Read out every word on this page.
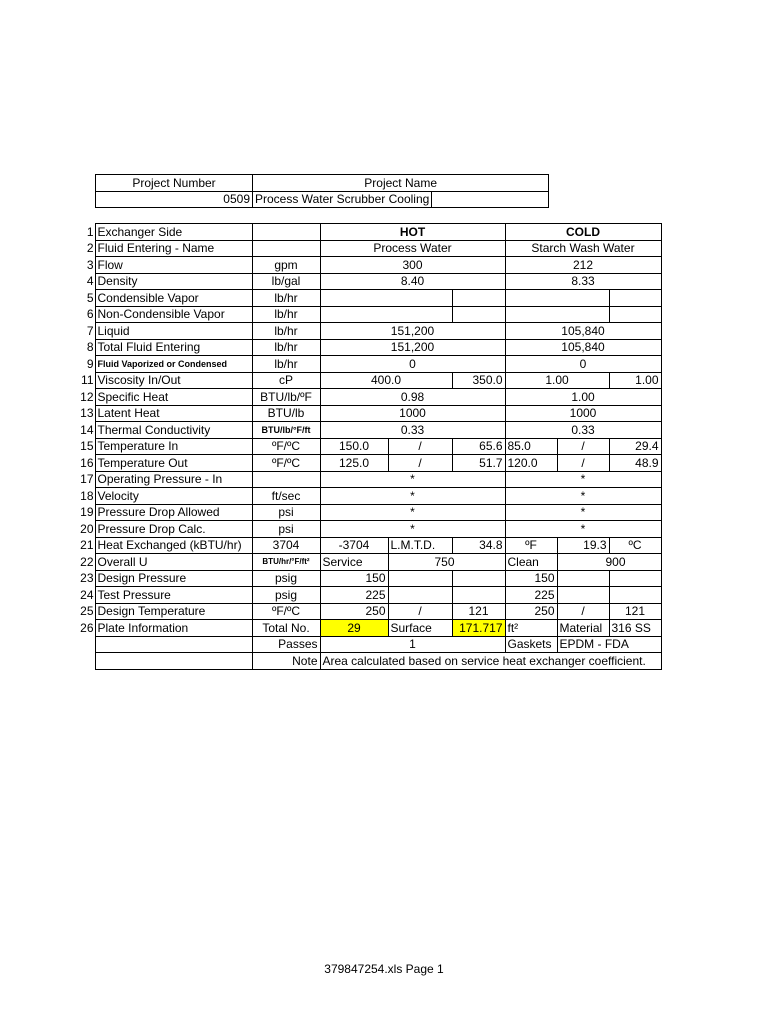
Project Number	Project Name	
0509	Process Water Scrubber Cooling	
1	Exchanger Side		HOT			COLD		
2	Fluid Entering - Name		Process Water			Starch Wash Water		
3	Flow	gpm	300			212		
4	Density	lb/gal	8.40			8.33		
5	Condensible Vapor	lb/hr						
6	Non-Condensible Vapor	lb/hr						
7	Liquid	lb/hr	151,200			105,840		
8	Total Fluid Entering	lb/hr	151,200			105,840		
9	Fluid Vaporized or Condensed	lb/hr	0			0		
11	Viscosity In/Out	cP	400.0		350.0	1.00		1.00
12	Specific Heat	BTU/lb/ºF	0.98			1.00		
13	Latent Heat	BTU/lb	1000			1000		
14	Thermal Conductivity	BTU/lb/°F/ft	0.33			0.33		
15	Temperature In	ºF/ºC	150.0	/	65.6	85.0	/	29.4
16	Temperature Out	ºF/ºC	125.0	/	51.7	120.0	/	48.9
17	Operating Pressure - In		*			*		
18	Velocity	ft/sec	*			*		
19	Pressure Drop Allowed	psi	*			*		
20	Pressure Drop Calc.	psi	*			*		
21	Heat Exchanged (kBTU/hr)	3704	-3704	L.M.T.D.	34.8	ºF	19.3	ºC
22	Overall U	BTU/hr/°F/ft²	Service	750		Clean	900	
23	Design Pressure	psig	150			150		
24	Test Pressure	psig	225			225		
25	Design Temperature	ºF/ºC	250	/	121	250	/	121
26	Plate Information	Total No.	29	Surface	171.717	ft²	Material	316 SS
		Passes	1			Gaskets	EPDM - FDA	
		Note	Area calculated based on service heat exchanger coefficient.					
379847254.xls Page 1
